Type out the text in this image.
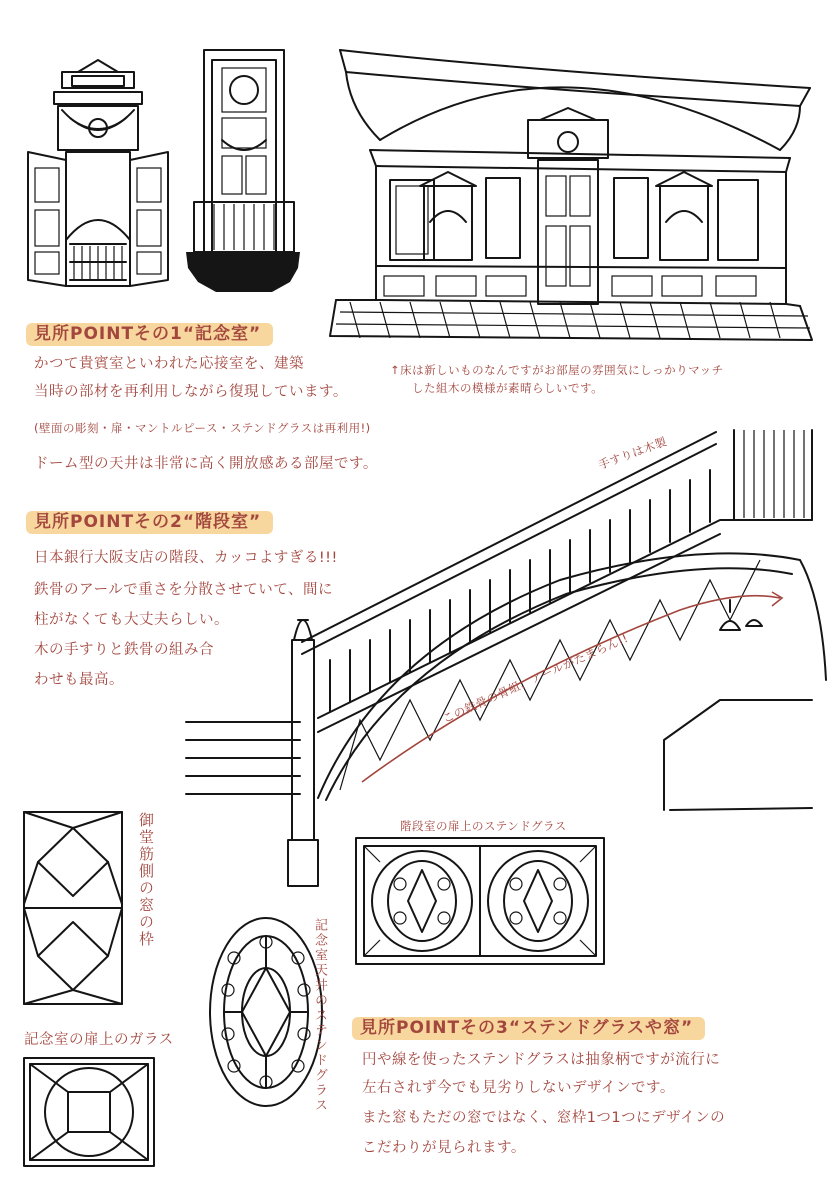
見所POINTその1“記念室”
かつて貴賓室といわれた応接室を、建築
当時の部材を再利用しながら復現しています。
(壁面の彫刻・扉・マントルピース・ステンドグラスは再利用!)
ドーム型の天井は非常に高く開放感ある部屋です。
↑床は新しいものなんですがお部屋の雰囲気にしっかりマッチ
した組木の模様が素晴らしいです。
見所POINTその2“階段室”
日本銀行大阪支店の階段、カッコよすぎる!!!
鉄骨のアールで重さを分散させていて、間に
柱がなくても大丈夫らしい。
木の手すりと鉄骨の組み合
わせも最高。
手すりは木製
この鉄骨の骨組、アールがたまらん!!
階段室の扉上のステンドグラス
御堂筋側の窓の枠
記念室の扉上のガラス	記念室天井のステンドグラス	見所POINTその3“ステンドグラスや窓”
円や線を使ったステンドグラスは抽象柄ですが流行に
左右されず今でも見劣りしないデザインです。
また窓もただの窓ではなく、窓枠1つ1つにデザインの
こだわりが見られます。
